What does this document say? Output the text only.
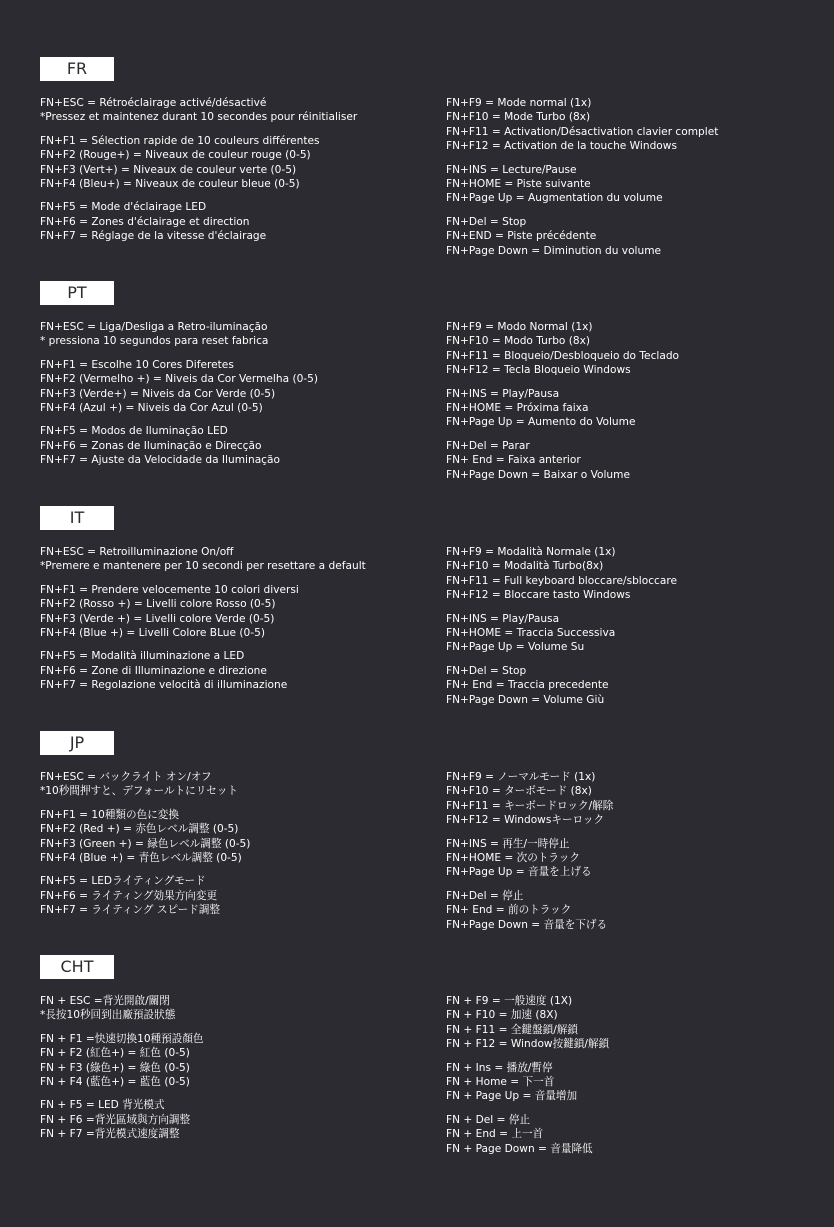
FR
FN+ESC = Rétroéclairage activé/désactivé
*Pressez et maintenez durant 10 secondes pour réinitialiser
FN+F1 = Sélection rapide de 10 couleurs différentes
FN+F2 (Rouge+) = Niveaux de couleur rouge (0-5)
FN+F3 (Vert+) = Niveaux de couleur verte (0-5)
FN+F4 (Bleu+) = Niveaux de couleur bleue (0-5)
FN+F5 = Mode d'éclairage LED
FN+F6 = Zones d'éclairage et direction
FN+F7 = Réglage de la vitesse d'éclairage
FN+F9 = Mode normal (1x)
FN+F10 = Mode Turbo (8x)
FN+F11 = Activation/Désactivation clavier complet
FN+F12 = Activation de la touche Windows
FN+INS = Lecture/Pause
FN+HOME = Piste suivante
FN+Page Up = Augmentation du volume
FN+Del = Stop
FN+END = Piste précédente
FN+Page Down = Diminution du volume
PT
FN+ESC = Liga/Desliga a Retro-iluminação
* pressiona 10 segundos para reset fabrica
FN+F1 = Escolhe 10 Cores Diferetes
FN+F2 (Vermelho +) = Niveis da Cor Vermelha (0-5)
FN+F3 (Verde+) = Niveis da Cor Verde (0-5)
FN+F4 (Azul +) = Niveis da Cor Azul (0-5)
FN+F5 = Modos de Iluminação LED
FN+F6 = Zonas de Iluminação e Direcção
FN+F7 = Ajuste da Velocidade da Iluminação
FN+F9 = Modo Normal (1x)
FN+F10 = Modo Turbo (8x)
FN+F11 = Bloqueio/Desbloqueio do Teclado
FN+F12 = Tecla Bloqueio Windows
FN+INS = Play/Pausa
FN+HOME = Próxima faixa
FN+Page Up = Aumento do Volume
FN+Del = Parar
FN+ End = Faixa anterior
FN+Page Down = Baixar o Volume
IT
FN+ESC = Retroilluminazione On/off
*Premere e mantenere per 10 secondi per resettare a default
FN+F1 = Prendere velocemente 10 colori diversi
FN+F2 (Rosso +) = Livelli colore Rosso (0-5)
FN+F3 (Verde +) = Livelli colore Verde (0-5)
FN+F4 (Blue +) = Livelli Colore BLue (0-5)
FN+F5 = Modalità illuminazione a LED
FN+F6 = Zone di Illuminazione e direzione
FN+F7 = Regolazione velocità di illuminazione
FN+F9 = Modalità Normale (1x)
FN+F10 = Modalità Turbo(8x)
FN+F11 = Full keyboard bloccare/sbloccare
FN+F12 = Bloccare tasto Windows
FN+INS = Play/Pausa
FN+HOME = Traccia Successiva
FN+Page Up = Volume Su
FN+Del = Stop
FN+ End = Traccia precedente
FN+Page Down = Volume Giù
JP
FN+ESC = バックライト オン/オフ
*10秒間押すと、デフォールトにリセット
FN+F1 = 10種類の色に変換
FN+F2 (Red +) = 赤色レベル調整 (0-5)
FN+F3 (Green +) = 緑色レベル調整 (0-5)
FN+F4 (Blue +) = 青色レベル調整 (0-5)
FN+F5 = LEDライティングモード
FN+F6 = ライティング効果方向変更
FN+F7 = ライティング スピード調整
FN+F9 = ノーマルモード (1x)
FN+F10 = ターボモード (8x)
FN+F11 = キーボードロック/解除
FN+F12 = Windowsキーロック
FN+INS = 再生/一時停止
FN+HOME = 次のトラック
FN+Page Up = 音量を上げる
FN+Del = 停止
FN+ End = 前のトラック
FN+Page Down = 音量を下げる
CHT
FN + ESC =背光開啟/關閉
*長按10秒回到出廠預設狀態
FN + F1 =快速切換10種預設顏色
FN + F2 (紅色+) = 紅色 (0-5)
FN + F3 (綠色+) = 綠色 (0-5)
FN + F4 (藍色+) = 藍色 (0-5)
FN + F5 = LED 背光模式
FN + F6 =背光區域與方向調整
FN + F7 =背光模式速度調整
FN + F9 = 一般速度 (1X)
FN + F10 = 加速 (8X)
FN + F11 = 全鍵盤鎖/解鎖
FN + F12 = Window按鍵鎖/解鎖
FN + Ins = 播放/暫停
FN + Home = 下一首
FN + Page Up = 音量增加
FN + Del = 停止
FN + End = 上一首
FN + Page Down = 音量降低
